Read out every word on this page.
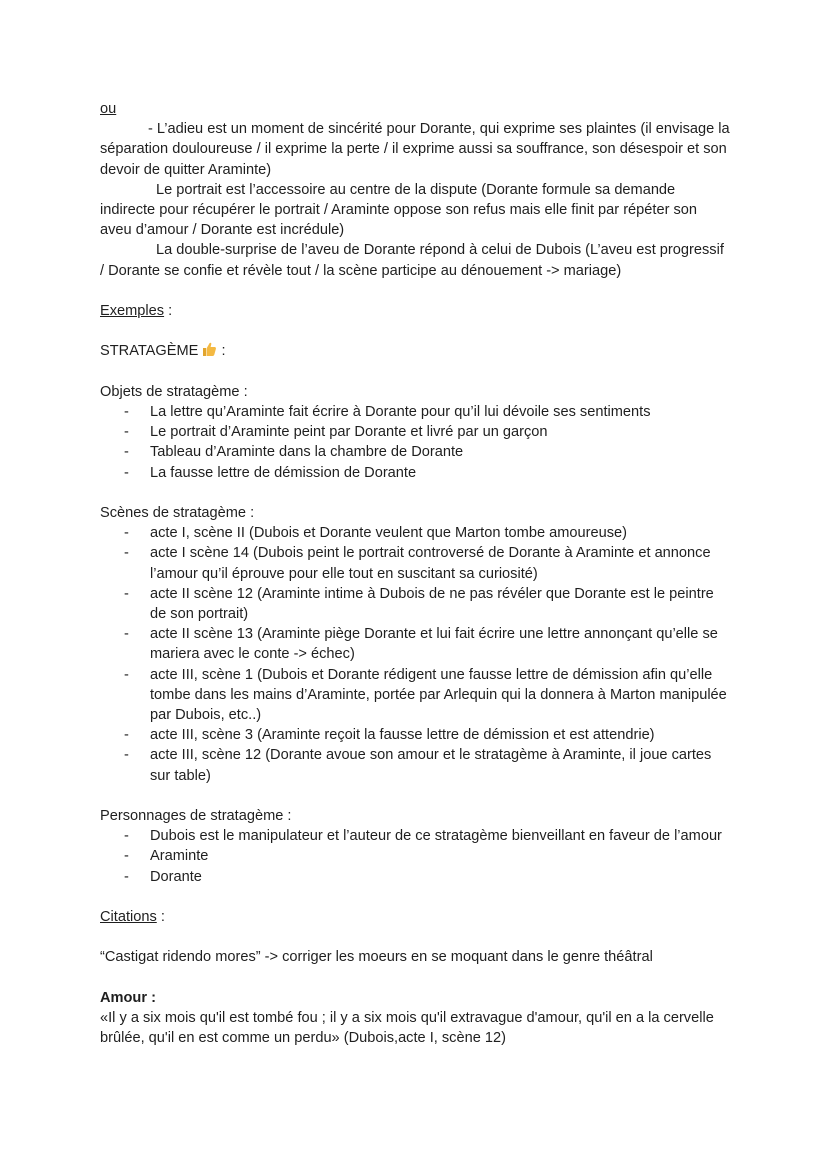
ou

- L’adieu est un moment de sincérité pour Dorante, qui exprime ses plaintes (il envisage la séparation douloureuse / il exprime la perte / il exprime aussi sa souffrance, son désespoir et son devoir de quitter Araminte)

Le portrait est l’accessoire au centre de la dispute (Dorante formule sa demande indirecte pour récupérer le portrait / Araminte oppose son refus mais elle finit par répéter son aveu d’amour / Dorante est incrédule)

La double-surprise de l’aveu de Dorante répond à celui de Dubois (L’aveu est progressif / Dorante se confie et révèle tout / la scène participe au dénouement -> mariage)

Exemples :

STRATAGÈME :

Objets de stratagème :

- La lettre qu’Araminte fait écrire à Dorante pour qu’il lui dévoile ses sentiments
- Le portrait d’Araminte peint par Dorante et livré par un garçon
- Tableau d’Araminte dans la chambre de Dorante
- La fausse lettre de démission de Dorante

Scènes de stratagème :

- acte I, scène II (Dubois et Dorante veulent que Marton tombe amoureuse)
- acte I scène 14 (Dubois peint le portrait controversé de Dorante à Araminte et annonce l’amour qu’il éprouve pour elle tout en suscitant sa curiosité)
- acte II scène 12 (Araminte intime à Dubois de ne pas révéler que Dorante est le peintre de son portrait)
- acte II scène 13 (Araminte piège Dorante et lui fait écrire une lettre annonçant qu’elle se mariera avec le conte -> échec)
- acte III, scène 1 (Dubois et Dorante rédigent une fausse lettre de démission afin qu’elle tombe dans les mains d’Araminte, portée par Arlequin qui la donnera à Marton manipulée par Dubois, etc..)
- acte III, scène 3 (Araminte reçoit la fausse lettre de démission et est attendrie)
- acte III, scène 12 (Dorante avoue son amour et le stratagème à Araminte, il joue cartes sur table)

Personnages de stratagème :

- Dubois est le manipulateur et l’auteur de ce stratagème bienveillant en faveur de l’amour
- Araminte
- Dorante

Citations :

“Castigat ridendo mores” -> corriger les moeurs en se moquant dans le genre théâtral

Amour :

«Il y a six mois qu'il est tombé fou ; il y a six mois qu'il extravague d'amour, qu'il en a la cervelle brûlée, qu'il en est comme un perdu» (Dubois,acte I, scène 12)
